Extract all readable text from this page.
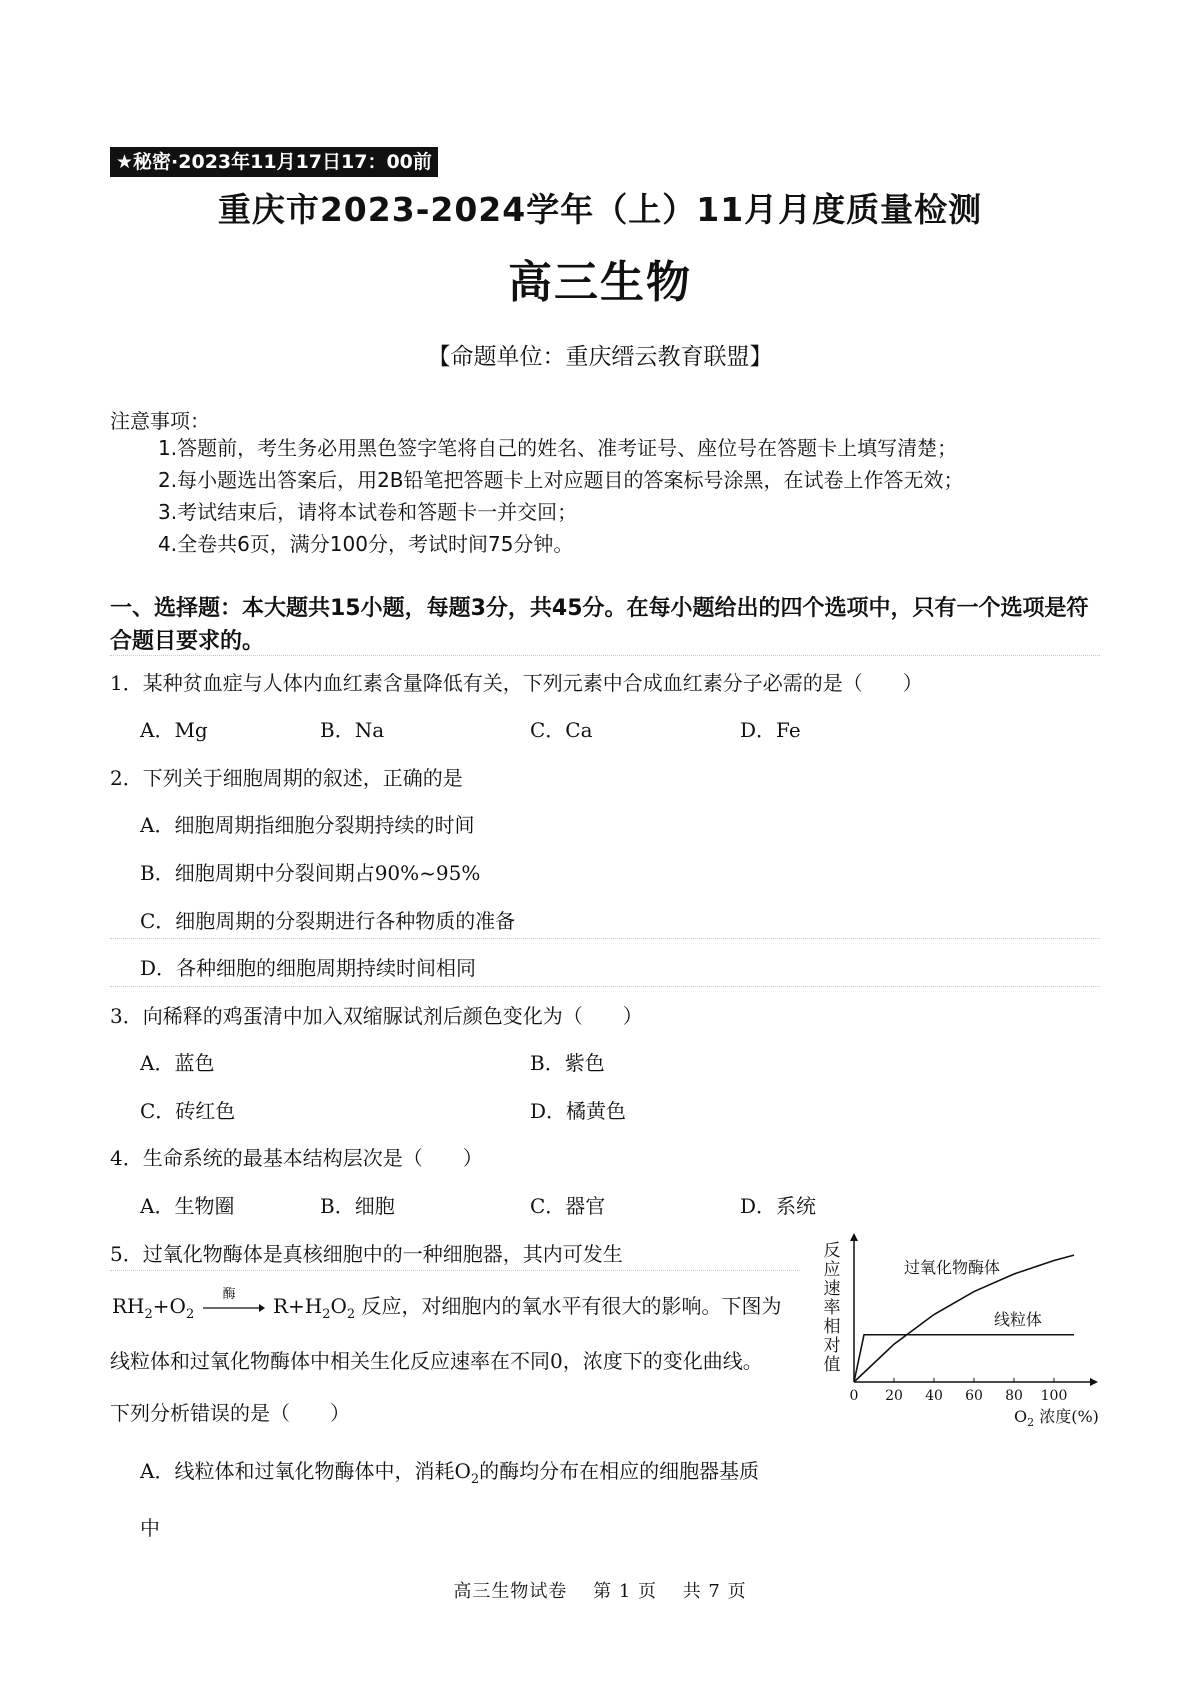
★秘密·2023年11月17日17：00前
重庆市2023-2024学年（上）11月月度质量检测
高三生物
【命题单位：重庆缙云教育联盟】
注意事项：
1.答题前，考生务必用黑色签字笔将自己的姓名、准考证号、座位号在答题卡上填写清楚；
2.每小题选出答案后，用2B铅笔把答题卡上对应题目的答案标号涂黑，在试卷上作答无效；
3.考试结束后，请将本试卷和答题卡一并交回；
4.全卷共6页，满分100分，考试时间75分钟。
一、选择题：本大题共15小题，每题3分，共45分。在每小题给出的四个选项中，只有一个选项是符合题目要求的。
1．某种贫血症与人体内血红素含量降低有关，下列元素中合成血红素分子必需的是（　　）
A．Mg	B．Na	C．Ca	D．Fe
2．下列关于细胞周期的叙述，正确的是
A．细胞周期指细胞分裂期持续的时间
B．细胞周期中分裂间期占90%~95%
C．细胞周期的分裂期进行各种物质的准备
D．各种细胞的细胞周期持续时间相同
3．向稀释的鸡蛋清中加入双缩脲试剂后颜色变化为（　　）
A．蓝色	B．紫色
C．砖红色	D．橘黄色
4．生命系统的最基本结构层次是（　　）
A．生物圈	B．细胞	C．器官	D．系统
5．过氧化物酶体是真核细胞中的一种细胞器，其内可发生
$RH_2+O_2$
酶 $R+H_2O_2$ 反应，对细胞内的氧水平有很大的影响。下图为
线粒体和过氧化物酶体中相关生化反应速率在不同0，浓度下的变化曲线。
下列分析错误的是（　　）
A．线粒体和过氧化物酶体中，消耗$O_2$的酶均分布在相应的细胞器基质
中
反
应
速
率
相
对
值
0 20 40 60 80 100
过氧化物酶体
线粒体
$O_2$ 浓度(%)
高三生物试卷　 第 1 页　 共 7 页
